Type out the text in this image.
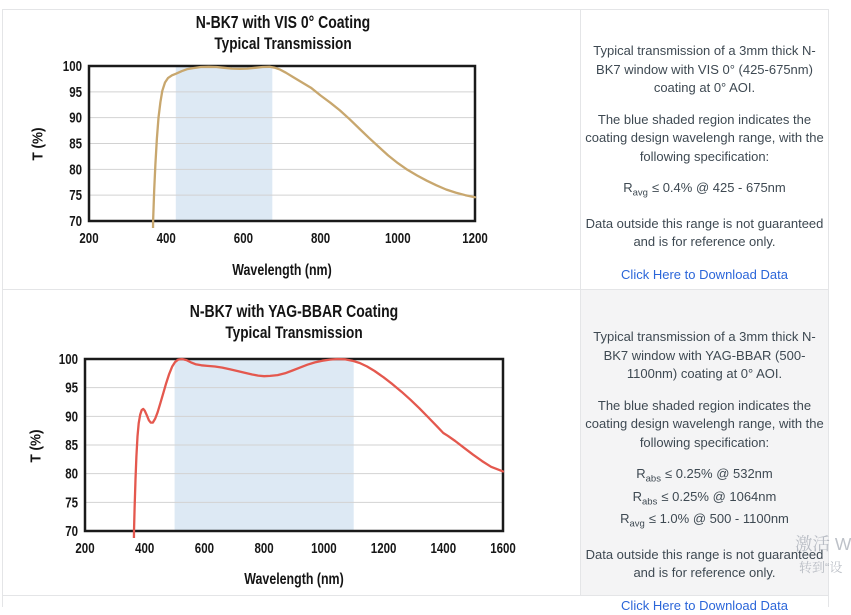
N-BK7 with VIS 0° Coating
Typical Transmission
T (%)
70
75
80
85
90
95
100
200	400	600	800	1000	1200
Wavelength (nm)
N-BK7 with YAG-BBAR Coating
Typical Transmission
T (%)
70
75
80
85
90
95
100
200	400	600	800 1000 1200 1400 1600
Wavelength (nm)

Typical transmission of a 3mm thick N-BK7 window with VIS 0° (425-675nm) coating at 0° AOI.

The blue shaded region indicates the coating design wavelengh range, with the following specification:

$R_{avg} \le 0.4\%$ @ 425 - 675nm

Data outside this range is not guaranteed and is for reference only.

Click Here to Download Data

Typical transmission of a 3mm thick N-BK7 window with YAG-BBAR (500-1100nm) coating at 0° AOI.

The blue shaded region indicates the coating design wavelengh range, with the following specification:

$R_{abs} \le 0.25\%$ @ 532nm
$R_{abs} \le 0.25\%$ @ 1064nm
$R_{avg} \le 1.0\%$ @ 500 - 1100nm

Data outside this range is not guaranteed and is for reference only.

Click Here to Download Data
激活 W
转到“设
